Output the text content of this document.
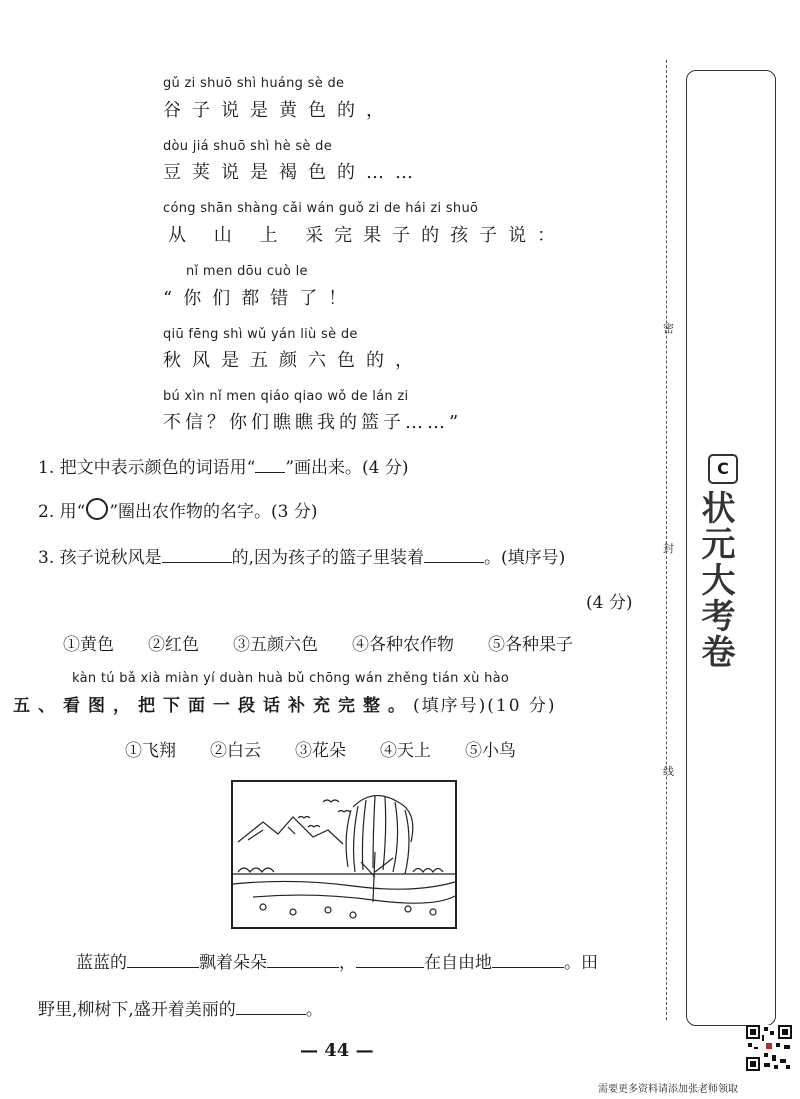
gǔ zi shuō shì huáng sè de
谷子说是黄色的，
dòu jiá shuō shì hè sè de
豆荚说是褐色的……
cóng shān shàng cǎi wán guǒ zi de hái zi shuō
从 山 上 采完果子的孩子说：
nǐ men dōu cuò le
“你们都错了！
qiū fēng shì wǔ yán liù sè de
秋风是五颜六色的，
bú xìn nǐ men qiáo qiao wǒ de lán zi
不信？你们瞧瞧我的篮子……”
1. 把文中表示颜色的词语用“ ”画出来。(4 分)
2. 用“ ”圈出农作物的名字。(3 分)
3. 孩子说秋风是	的,因为孩子的篮子里装着	。(填序号)
(4 分)
①黄色 ②红色 ③五颜六色 ④各种农作物 ⑤各种果子
kàn tú bǎ xià miàn yí duàn huà bǔ chōng wán zhěng tián xù hào
五、看图，把下面一段话补充完整。(填序号)(10 分)
①飞翔 ②白云 ③花朵 ④天上 ⑤小鸟
蓝蓝的	飘着朵朵	，	在自由地	。田
野里,柳树下,盛开着美丽的	。
密
封
线
C
状元大考卷
— 44 —
需要更多资料请添加张老师领取
